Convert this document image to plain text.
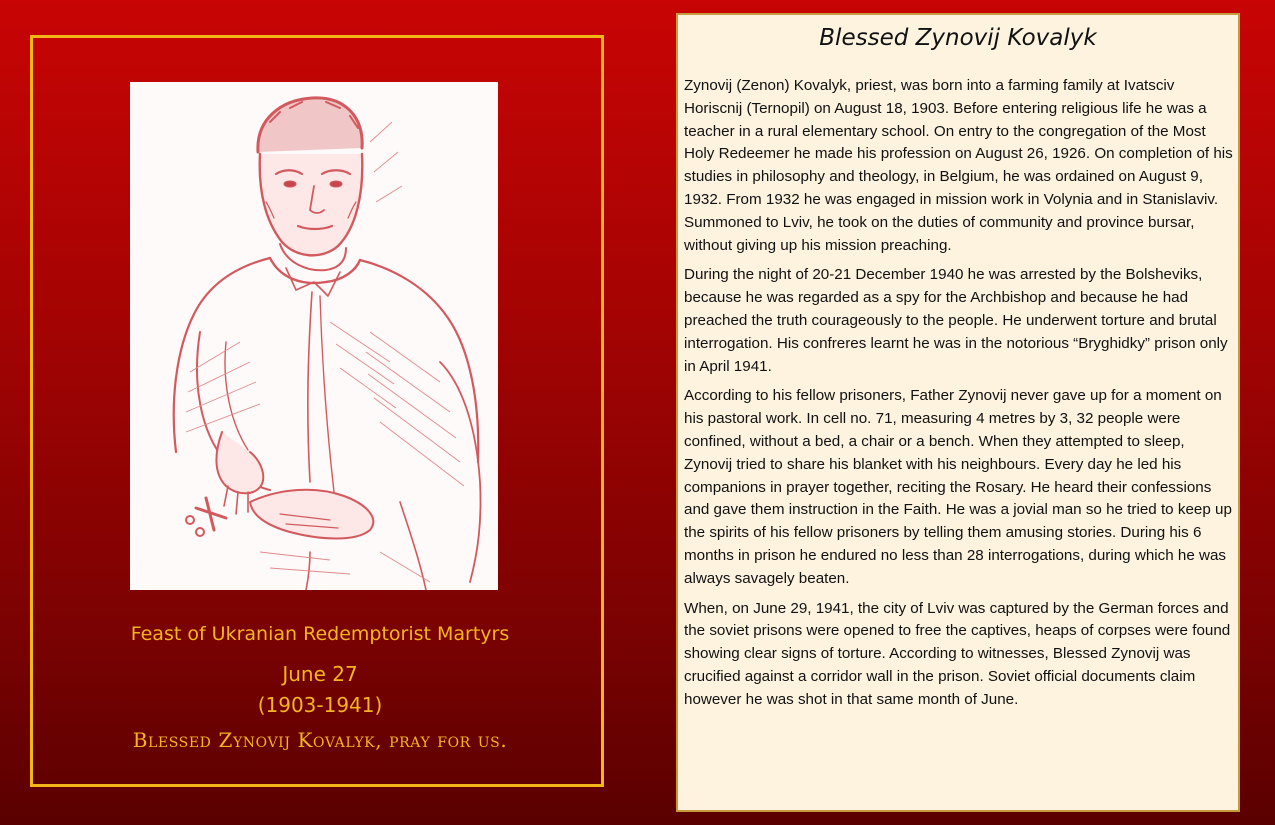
Feast of Ukranian Redemptorist Martyrs

June 27

(1903-1941)

Blessed Zynovij Kovalyk, pray for us.

Blessed Zynovij Kovalyk

Zynovij (Zenon) Kovalyk, priest, was born into a farming family at Ivatsciv Horiscnij (Ternopil) on August 18, 1903. Before entering religious life he was a teacher in a rural elementary school. On entry to the congregation of the Most Holy Redeemer he made his profession on August 26, 1926. On completion of his studies in philosophy and theology, in Belgium, he was ordained on August 9, 1932. From 1932 he was engaged in mission work in Volynia and in Stanislaviv. Summoned to Lviv, he took on the duties of community and province bursar, without giving up his mission preaching.

During the night of 20-21 December 1940 he was arrested by the Bolsheviks, because he was regarded as a spy for the Archbishop and because he had preached the truth courageously to the people. He underwent torture and brutal interrogation. His confreres learnt he was in the notorious “Bryghidky” prison only in April 1941.

According to his fellow prisoners, Father Zynovij never gave up for a moment on his pastoral work. In cell no. 71, measuring 4 metres by 3, 32 people were confined, without a bed, a chair or a bench. When they attempted to sleep, Zynovij tried to share his blanket with his neighbours. Every day he led his companions in prayer together, reciting the Rosary. He heard their confessions and gave them instruction in the Faith. He was a jovial man so he tried to keep up the spirits of his fellow prisoners by telling them amusing stories. During his 6 months in prison he endured no less than 28 interrogations, during which he was always savagely beaten.

When, on June 29, 1941, the city of Lviv was captured by the German forces and the soviet prisons were opened to free the captives, heaps of corpses were found showing clear signs of torture. According to witnesses, Blessed Zynovij was crucified against a corridor wall in the prison. Soviet official documents claim however he was shot in that same month of June.
